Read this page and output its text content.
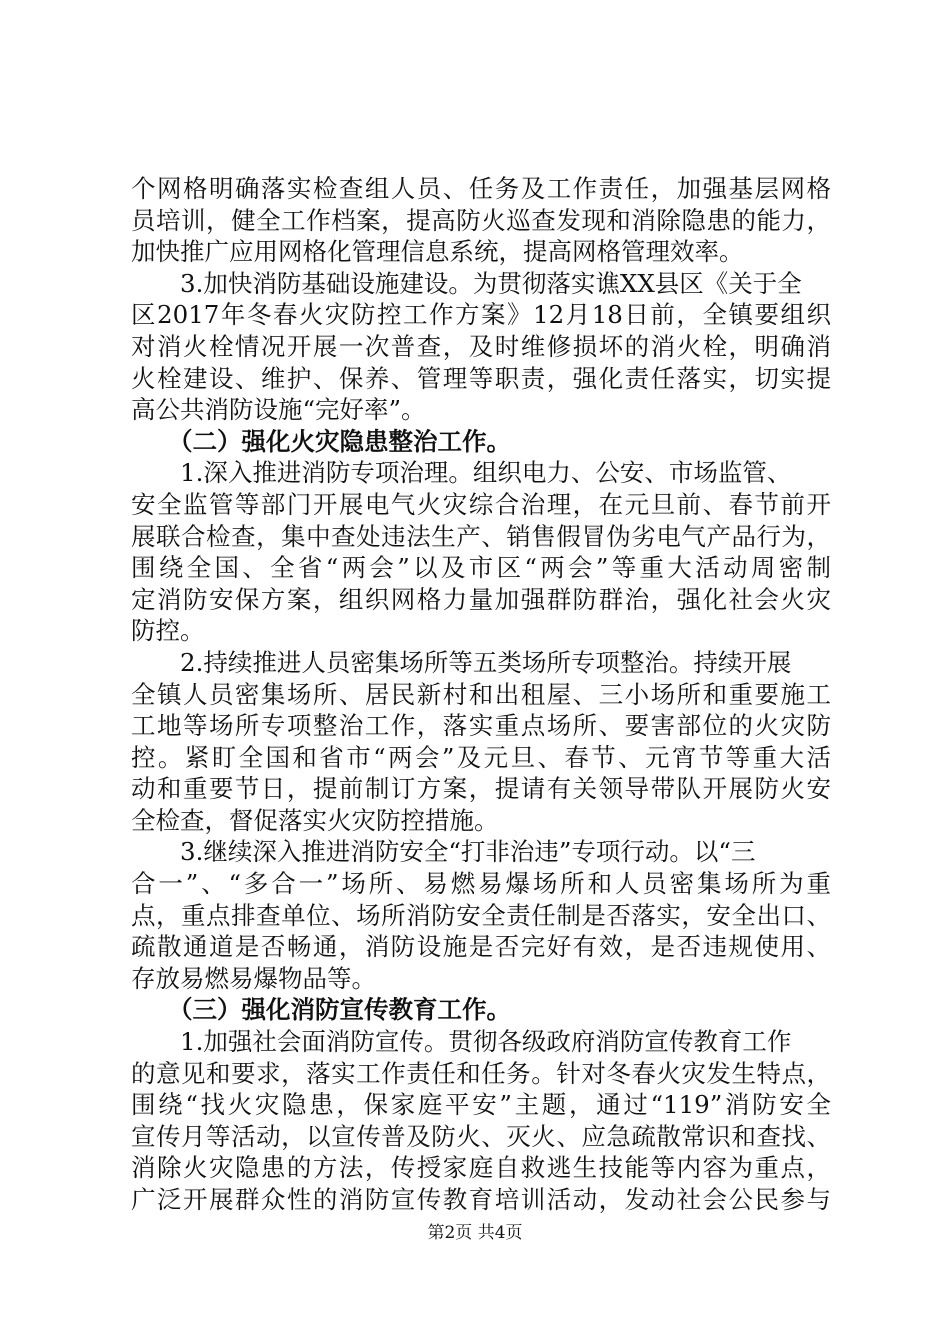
个网格明确落实检查组人员、任务及工作责任，加强基层网格
员培训，健全工作档案，提高防火巡查发现和消除隐患的能力，
加快推广应用网格化管理信息系统，提高网格管理效率。
3.加快消防基础设施建设。为贯彻落实谯XX县区《关于全
区2017年冬春火灾防控工作方案》12月18日前，全镇要组织
对消火栓情况开展一次普查，及时维修损坏的消火栓，明确消
火栓建设、维护、保养、管理等职责，强化责任落实，切实提
高公共消防设施“完好率”。
（二）强化火灾隐患整治工作。
1.深入推进消防专项治理。组织电力、公安、市场监管、
安全监管等部门开展电气火灾综合治理，在元旦前、春节前开
展联合检查，集中查处违法生产、销售假冒伪劣电气产品行为，
围绕全国、全省“两会”以及市区“两会”等重大活动周密制
定消防安保方案，组织网格力量加强群防群治，强化社会火灾
防控。
2.持续推进人员密集场所等五类场所专项整治。持续开展
全镇人员密集场所、居民新村和出租屋、三小场所和重要施工
工地等场所专项整治工作，落实重点场所、要害部位的火灾防
控。紧盯全国和省市“两会”及元旦、春节、元宵节等重大活
动和重要节日，提前制订方案，提请有关领导带队开展防火安
全检查，督促落实火灾防控措施。
3.继续深入推进消防安全“打非治违”专项行动。以“三
合一”、“多合一”场所、易燃易爆场所和人员密集场所为重
点，重点排查单位、场所消防安全责任制是否落实，安全出口、
疏散通道是否畅通，消防设施是否完好有效，是否违规使用、
存放易燃易爆物品等。
（三）强化消防宣传教育工作。
1.加强社会面消防宣传。贯彻各级政府消防宣传教育工作
的意见和要求，落实工作责任和任务。针对冬春火灾发生特点，
围绕“找火灾隐患，保家庭平安”主题，通过“119”消防安全
宣传月等活动，以宣传普及防火、灭火、应急疏散常识和查找、
消除火灾隐患的方法，传授家庭自救逃生技能等内容为重点，
广泛开展群众性的消防宣传教育培训活动，发动社会公民参与
第2页 共4页
